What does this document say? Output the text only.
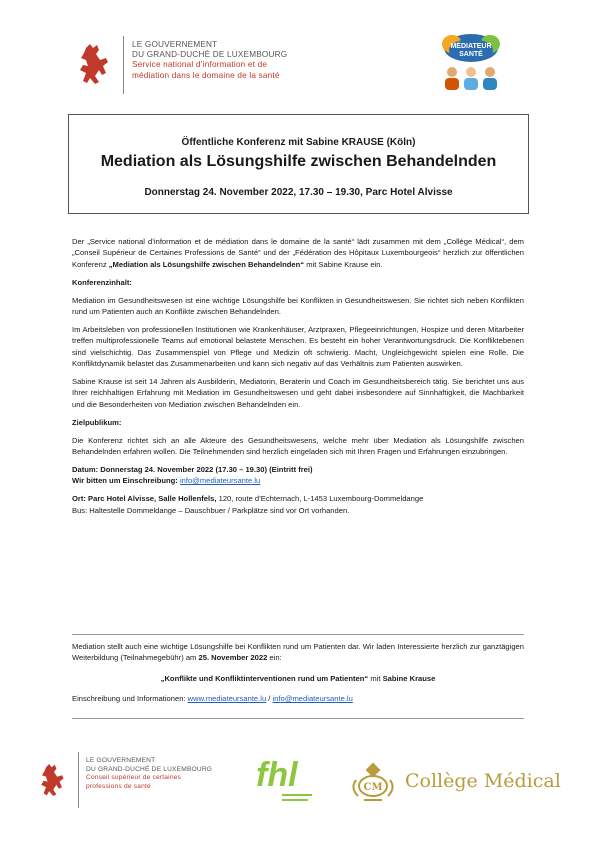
LE GOUVERNEMENT
DU GRAND-DUCHÉ DE LUXEMBOURG
Service national d’information et de
médiation dans le domaine de la santé
MÉDIATEUR
SANTÉ
Öffentliche Konferenz mit Sabine KRAUSE (Köln)
Mediation als Lösungshilfe zwischen Behandelnden
Donnerstag 24. November 2022, 17.30 – 19.30, Parc Hotel Alvisse

Der „Service national d’information et de médiation dans le domaine de la santé“ lädt zusammen mit dem „Collège Médical“, dem „Conseil Supérieur de Certaines Professions de Santé“ und der „Fédération des Hôpitaux Luxembourgeois“ herzlich zur öffentlichen Konferenz „Mediation als Lösungshilfe zwischen Behandelnden“ mit Sabine Krause ein.

Konferenzinhalt:

Mediation im Gesundheitswesen ist eine wichtige Lösungshilfe bei Konflikten in Gesundheitswesen. Sie richtet sich neben Konflikten rund um Patienten auch an Konflikte zwischen Behandelnden.

Im Arbeitsleben von professionellen Institutionen wie Krankenhäuser, Arztpraxen, Pflegeeinrichtungen, Hospize und deren Mitarbeiter treffen multiprofessionelle Teams auf emotional belastete Menschen. Es besteht ein hoher Verantwortungsdruck. Die Konfliktebenen sind vielschichtig. Das Zusammenspiel von Pflege und Medizin oft schwierig. Macht, Ungleichgewicht spielen eine Rolle. Die Konfliktdynamik belastet das Zusammenarbeiten und kann sich negativ auf das Verhältnis zum Patienten auswirken.

Sabine Krause ist seit 14 Jahren als Ausbilderin, Mediatorin, Beraterin und Coach im Gesundheitsbereich tätig. Sie berichtet uns aus Ihrer reichhaltigen Erfahrung mit Mediation im Gesundheitswesen und geht dabei insbesondere auf Sinnhaftigkeit, die Machbarkeit und die Besonderheiten von Mediation zwischen Behandelnden ein.

Zielpublikum:

Die Konferenz richtet sich an alle Akteure des Gesundheitswesens, welche mehr über Mediation als Lösungshilfe zwischen Behandelnden erfahren wollen. Die Teilnehmenden sind herzlich eingeladen sich mit Ihren Fragen und Erfahrungen einzubringen.

Datum: Donnerstag 24. November 2022 (17.30 – 19.30) (Eintritt frei)

Wir bitten um Einschreibung: info@mediateursante.lu

Ort: Parc Hotel Alvisse, Salle Hollenfels, 120, route d’Echternach, L-1453 Luxembourg-Dommeldange
Bus: Haltestelle Dommeldange – Dauschbuer / Parkplätze sind vor Ort vorhanden.

Mediation stellt auch eine wichtige Lösungshilfe bei Konflikten rund um Patienten dar. Wir laden Interessierte herzlich zur ganztägigen Weiterbildung (Teilnahmegebühr) am 25. November 2022 ein:

„Konflikte und Konfliktinterventionen rund um Patienten“ mit Sabine Krause

Einschreibung und Informationen: www.mediateursante.lu / info@mediateursante.lu
LE GOUVERNEMENT
DU GRAND-DUCHÉ DE LUXEMBOURG
Conseil supérieur de certaines
professions de santé	fhl	CM Collège Médical
